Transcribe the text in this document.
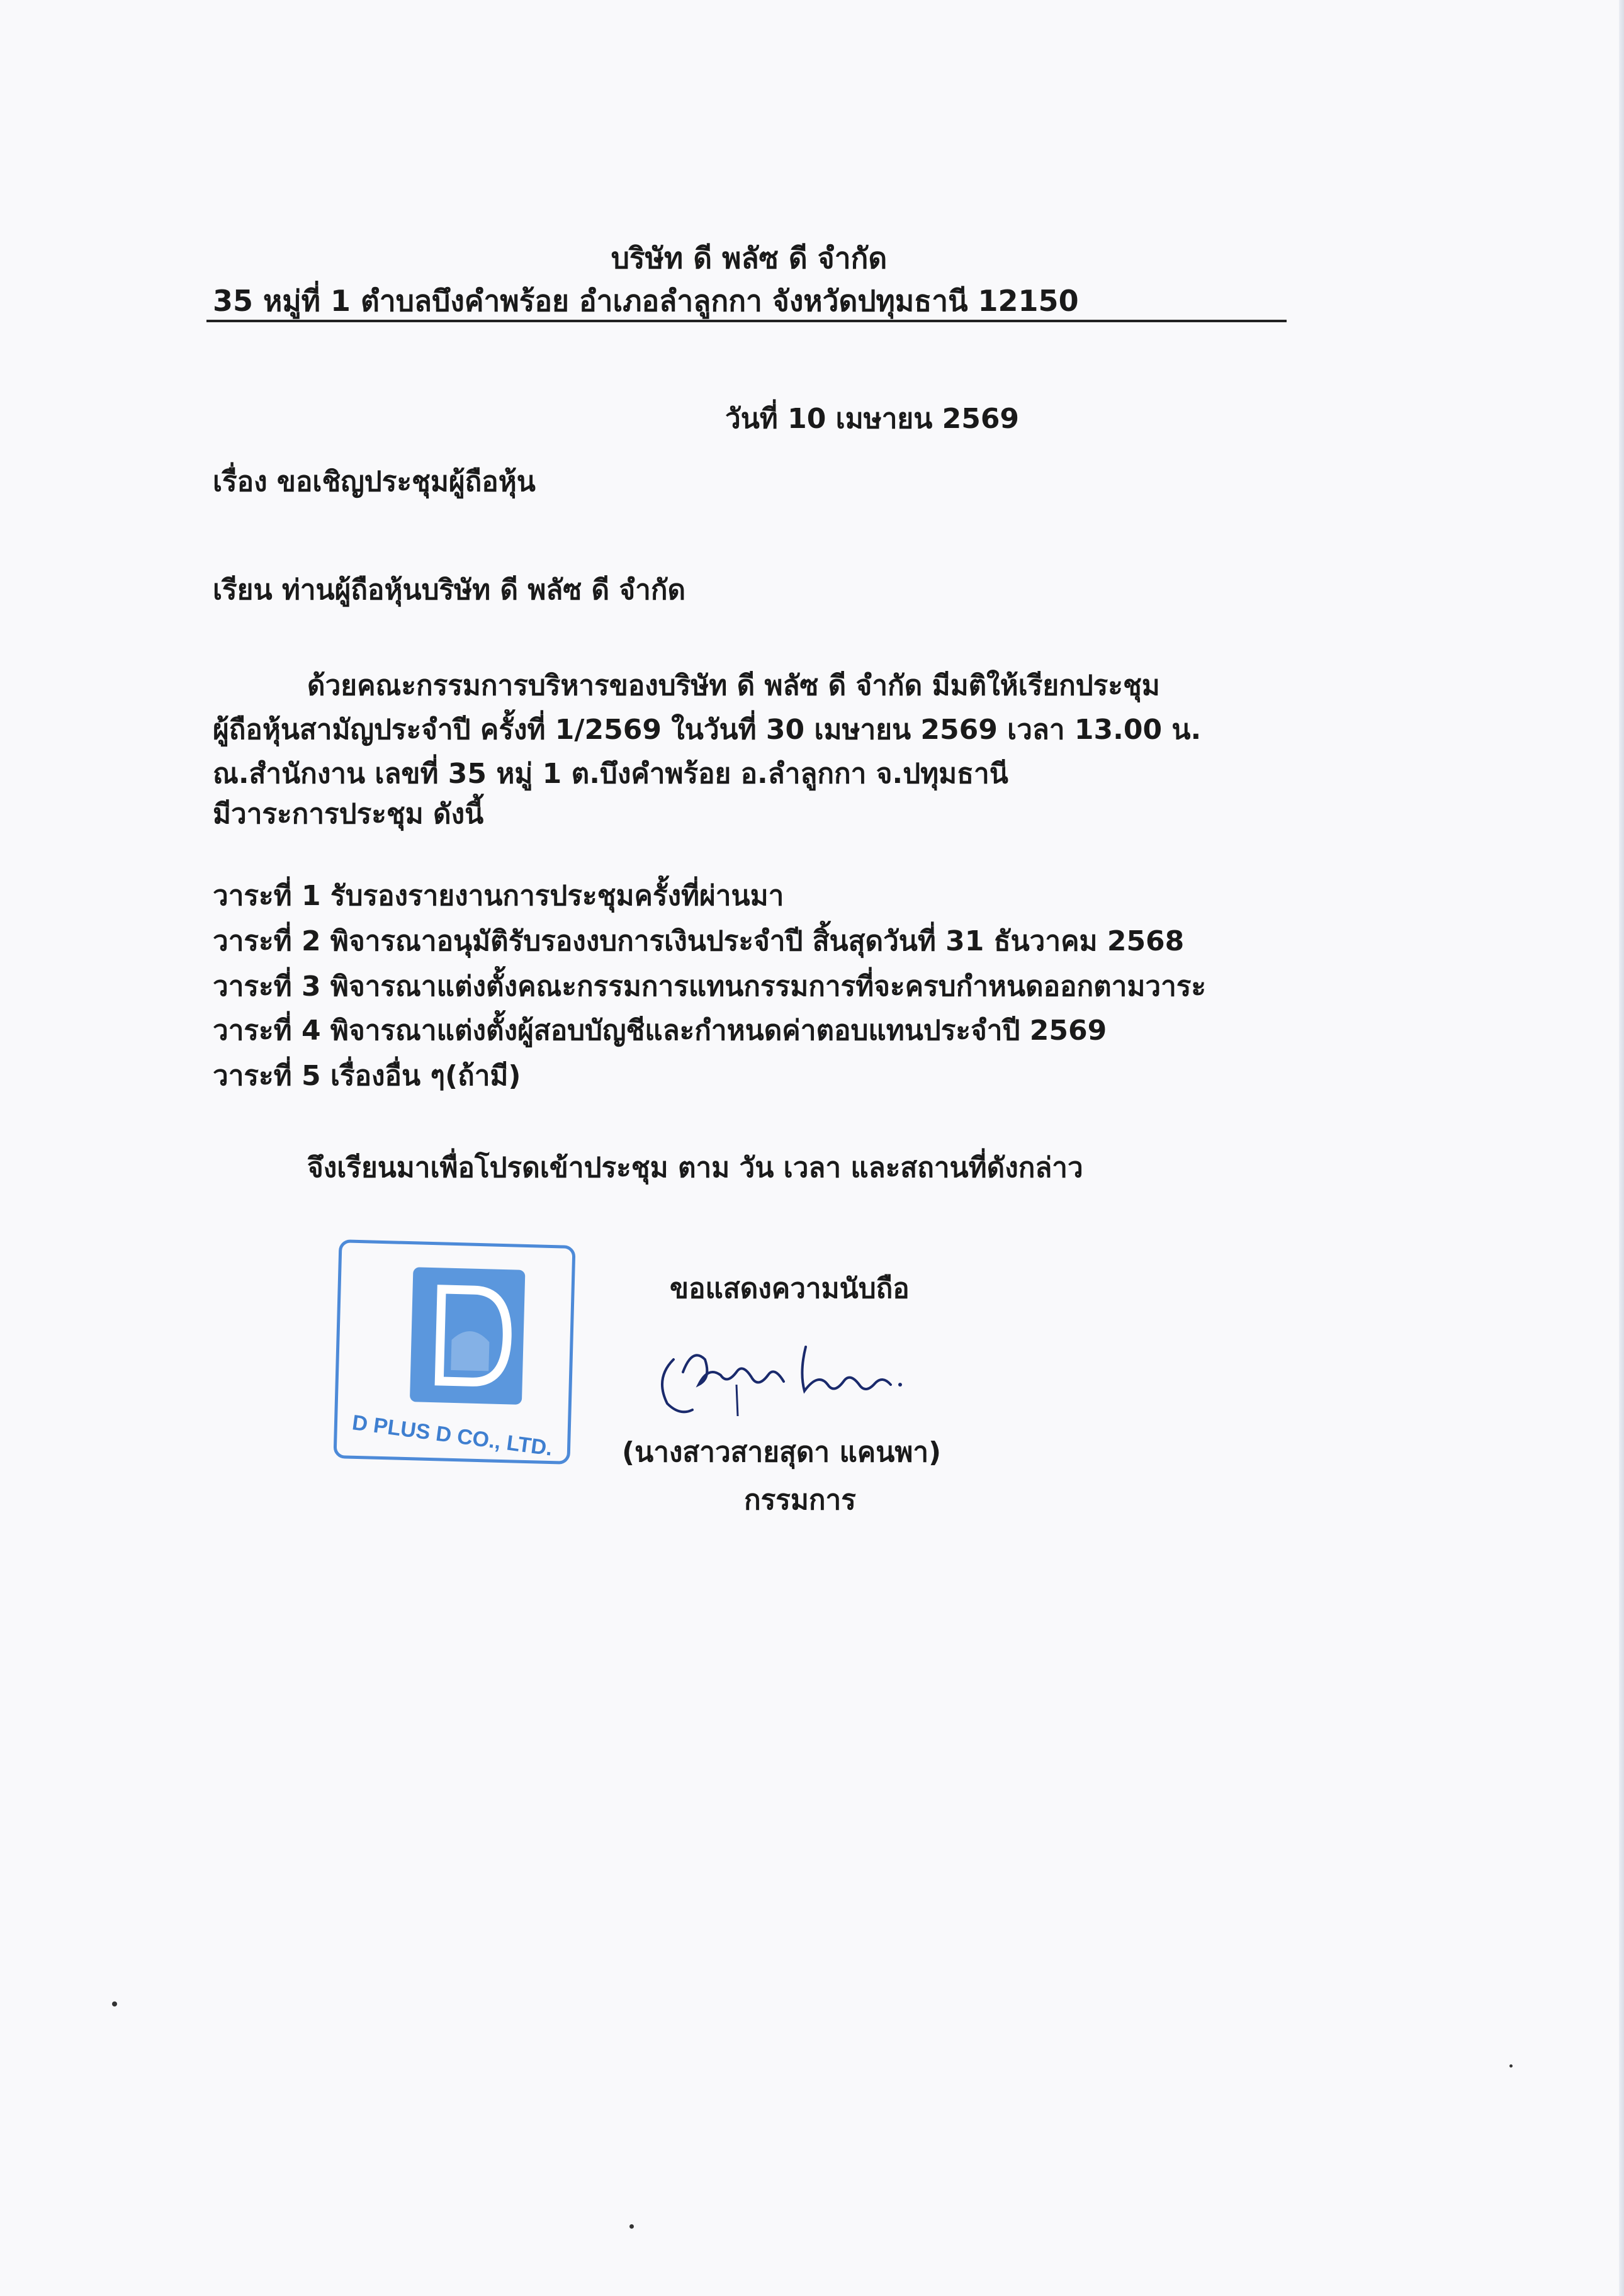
บริษัท ดี พลัซ ดี จำกัด
35 หมู่ที่ 1 ตำบลบึงคำพร้อย อำเภอลำลูกกา จังหวัดปทุมธานี 12150
วันที่ 10 เมษายน 2569
เรื่อง ขอเชิญประชุมผู้ถือหุ้น
เรียน ท่านผู้ถือหุ้นบริษัท ดี พลัซ ดี จำกัด
ด้วยคณะกรรมการบริหารของบริษัท ดี พลัซ ดี จำกัด มีมติให้เรียกประชุม
ผู้ถือหุ้นสามัญประจำปี ครั้งที่ 1/2569 ในวันที่ 30 เมษายน 2569 เวลา 13.00 น.
ณ.สำนักงาน เลขที่ 35 หมู่ 1 ต.บึงคำพร้อย อ.ลำลูกกา จ.ปทุมธานี
มีวาระการประชุม ดังนี้
วาระที่ 1 รับรองรายงานการประชุมครั้งที่ผ่านมา
วาระที่ 2 พิจารณาอนุมัติรับรองงบการเงินประจำปี สิ้นสุดวันที่ 31 ธันวาคม 2568
วาระที่ 3 พิจารณาแต่งตั้งคณะกรรมการแทนกรรมการที่จะครบกำหนดออกตามวาระ
วาระที่ 4 พิจารณาแต่งตั้งผู้สอบบัญชีและกำหนดค่าตอบแทนประจำปี 2569
วาระที่ 5 เรื่องอื่น ๆ(ถ้ามี)
จึงเรียนมาเพื่อโปรดเข้าประชุม ตาม วัน เวลา และสถานที่ดังกล่าว
ขอแสดงความนับถือ
D PLUS D CO., LTD.	(นางสาวสายสุดา แคนพา)
กรรมการ
